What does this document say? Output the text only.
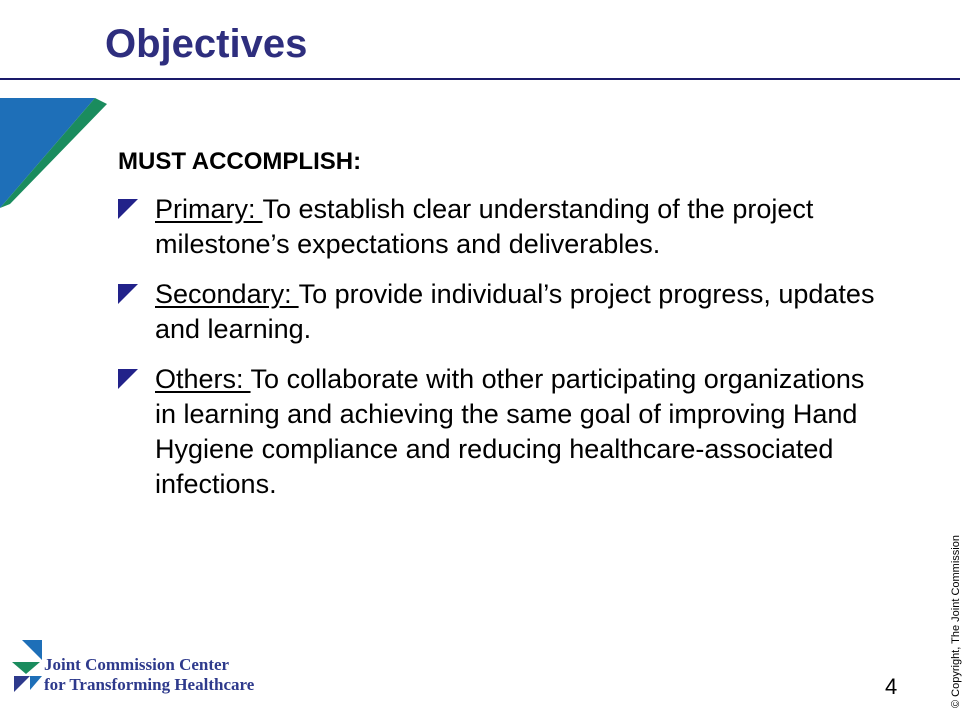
Objectives

MUST ACCOMPLISH:

Primary: To establish clear understanding of the project milestone’s expectations and deliverables.
Secondary: To provide individual’s project progress, updates and learning.
Others: To collaborate with other participating organizations in learning and achieving the same goal of improving Hand Hygiene compliance and reducing healthcare-associated infections.
Joint Commission Center
for Transforming Healthcare	4	© Copyright, The Joint Commission
